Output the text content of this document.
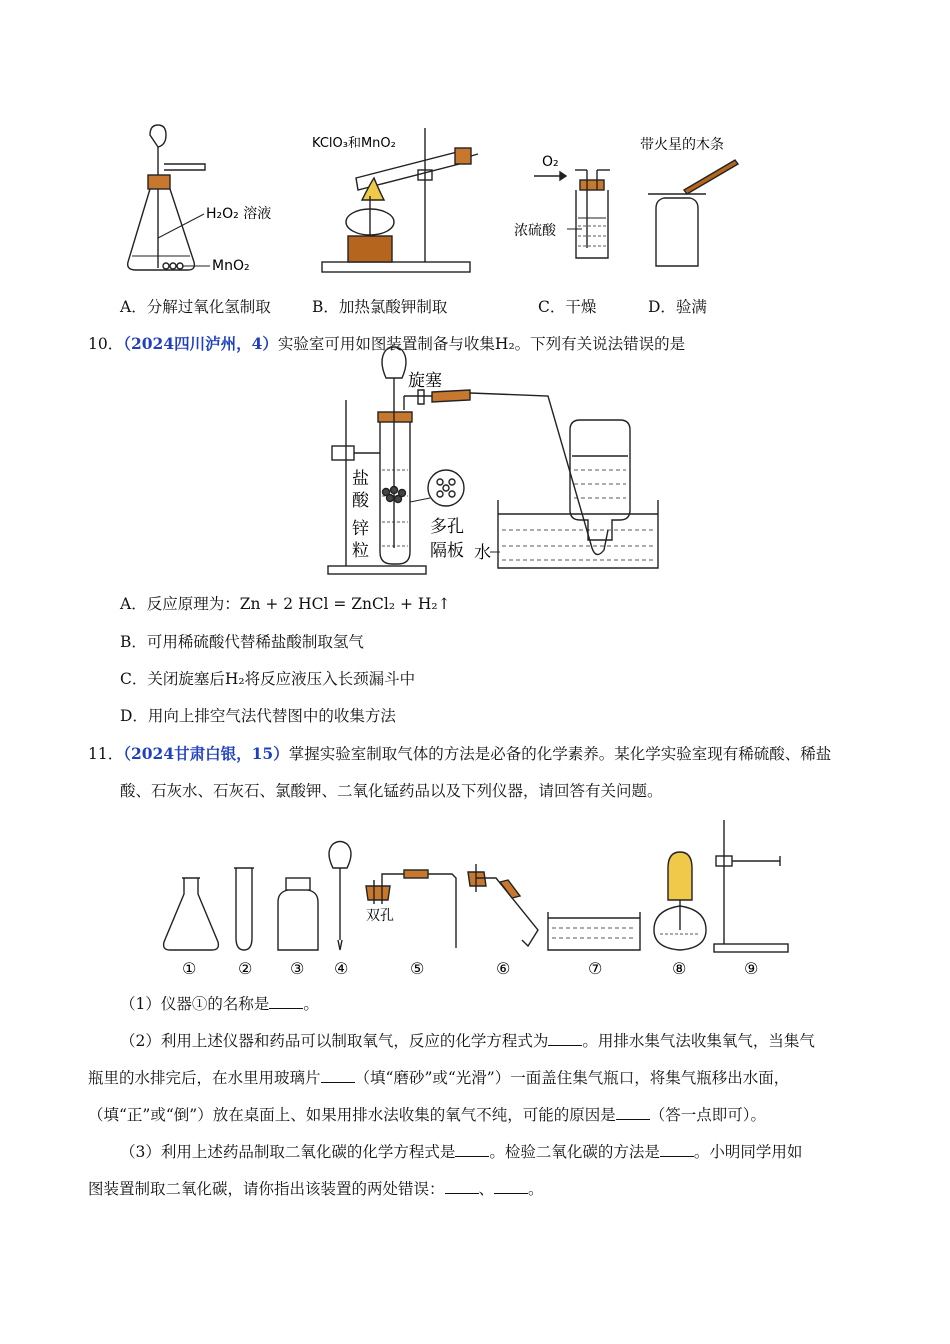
H₂O₂ 溶液
MnO₂
KClO₃和MnO₂
O₂
浓硫酸
带火星的木条
A．分解过氧化氢制取	B．加热氯酸钾制取	C．干燥	D．验满
10．（2024四川泸州，4）实验室可用如图装置制备与收集H₂。下列有关说法错误的是
旋塞
盐
酸
锌
粒
多孔
隔板 水
A．反应原理为：Zn + 2 HCl = ZnCl₂ + H₂↑
B．可用稀硫酸代替稀盐酸制取氢气
C．关闭旋塞后H₂将反应液压入长颈漏斗中
D．用向上排空气法代替图中的收集方法
11．（2024甘肃白银，15）掌握实验室制取气体的方法是必备的化学素养。某化学实验室现有稀硫酸、稀盐
酸、石灰水、石灰石、氯酸钾、二氧化锰药品以及下列仪器，请回答有关问题。
双孔
①	② ③ ④	⑤	⑥	⑦	⑧	⑨
（1）仪器①的名称是 。
（2）利用上述仪器和药品可以制取氧气，反应的化学方程式为 。用排水集气法收集氧气，当集气
瓶里的水排完后，在水里用玻璃片 （填“磨砂”或“光滑”）一面盖住集气瓶口，将集气瓶移出水面，
（填“正”或“倒”）放在桌面上、如果用排水法收集的氧气不纯，可能的原因是 （答一点即可）。
（3）利用上述药品制取二氧化碳的化学方程式是 。检验二氧化碳的方法是 。小明同学用如
图装置制取二氧化碳，请你指出该装置的两处错误： 、 。
